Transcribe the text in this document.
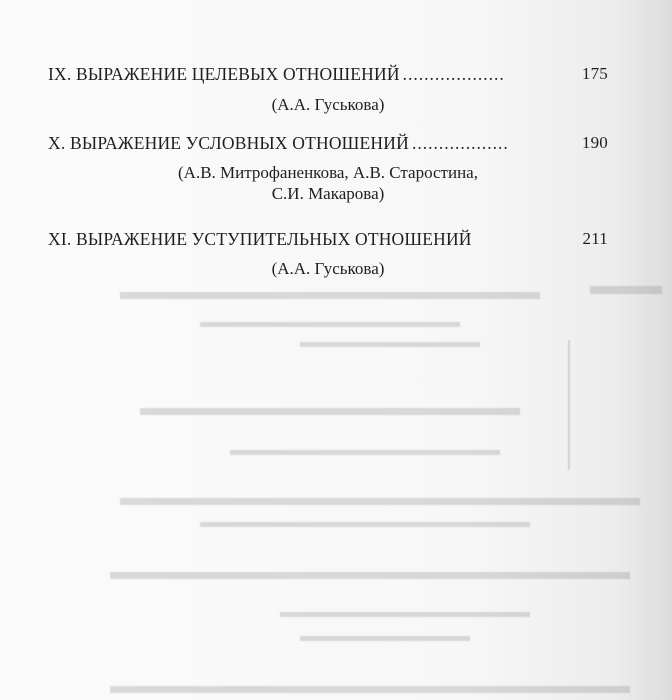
IX. ВЫРАЖЕНИЕ ЦЕЛЕВЫХ ОТНОШЕНИЙ ...................	175
(А.А. Гуськова)
X. ВЫРАЖЕНИЕ УСЛОВНЫХ ОТНОШЕНИЙ ..................	190
(А.В. Митрофаненкова, А.В. Старостина,
С.И. Макарова)
XI. ВЫРАЖЕНИЕ УСТУПИТЕЛЬНЫХ ОТНОШЕНИЙ	211
(А.А. Гуськова)
